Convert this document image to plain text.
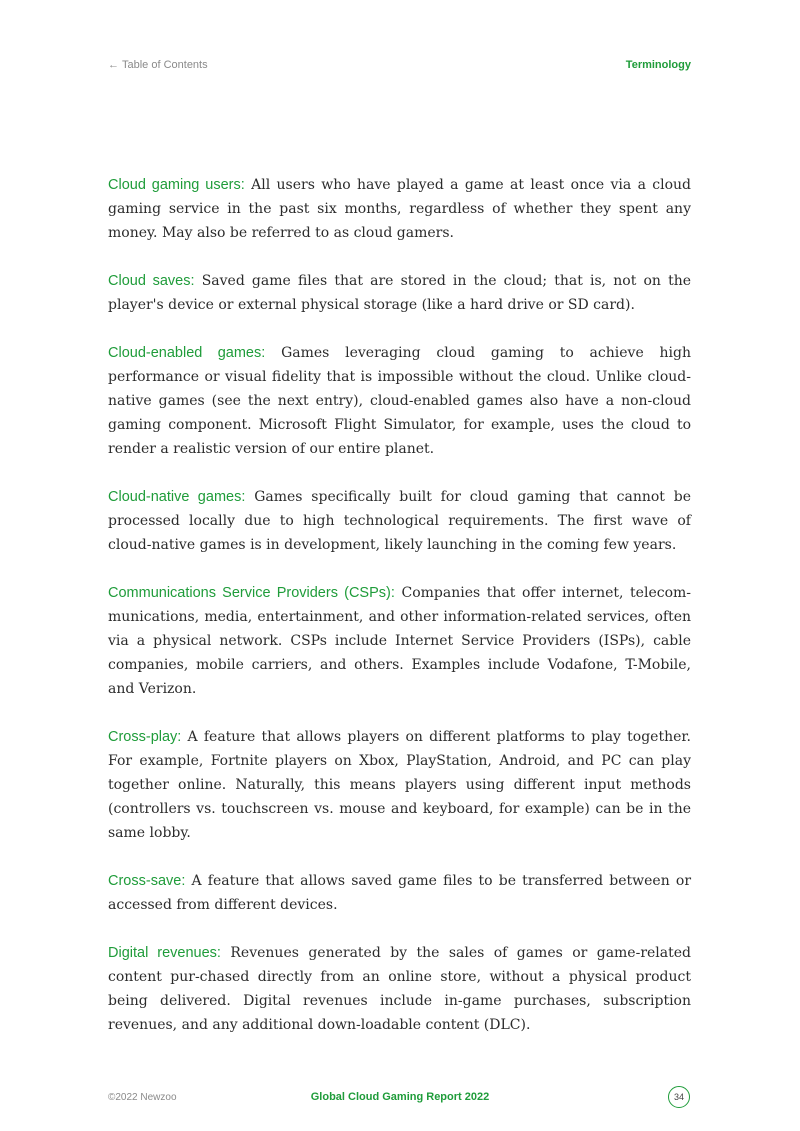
← Table of Contents	Terminology

Cloud gaming users: All users who have played a game at least once via a cloud gaming service in the past six months, regardless of whether they spent any money. May also be referred to as cloud gamers.

Cloud saves: Saved game files that are stored in the cloud; that is, not on the player's device or external physical storage (like a hard drive or SD card).

Cloud-enabled games: Games leveraging cloud gaming to achieve high performance or visual fidelity that is impossible without the cloud. Unlike cloud-native games (see the next entry), cloud-enabled games also have a non-cloud gaming component. Microsoft Flight Simulator, for example, uses the cloud to render a realistic version of our entire planet.

Cloud-native games: Games specifically built for cloud gaming that cannot be processed locally due to high technological requirements. The first wave of cloud-native games is in development, likely launching in the coming few years.

Communications Service Providers (CSPs): Companies that offer internet, telecom-munications, media, entertainment, and other information-related services, often via a physical network. CSPs include Internet Service Providers (ISPs), cable companies, mobile carriers, and others. Examples include Vodafone, T-Mobile, and Verizon.

Cross-play: A feature that allows players on different platforms to play together. For example, Fortnite players on Xbox, PlayStation, Android, and PC can play together online. Naturally, this means players using different input methods (controllers vs. touchscreen vs. mouse and keyboard, for example) can be in the same lobby.

Cross-save: A feature that allows saved game files to be transferred between or accessed from different devices.

Digital revenues: Revenues generated by the sales of games or game-related content pur-chased directly from an online store, without a physical product being delivered. Digital revenues include in-game purchases, subscription revenues, and any additional down-loadable content (DLC).

©2022 Newzoo	Global Cloud Gaming Report 2022	34
